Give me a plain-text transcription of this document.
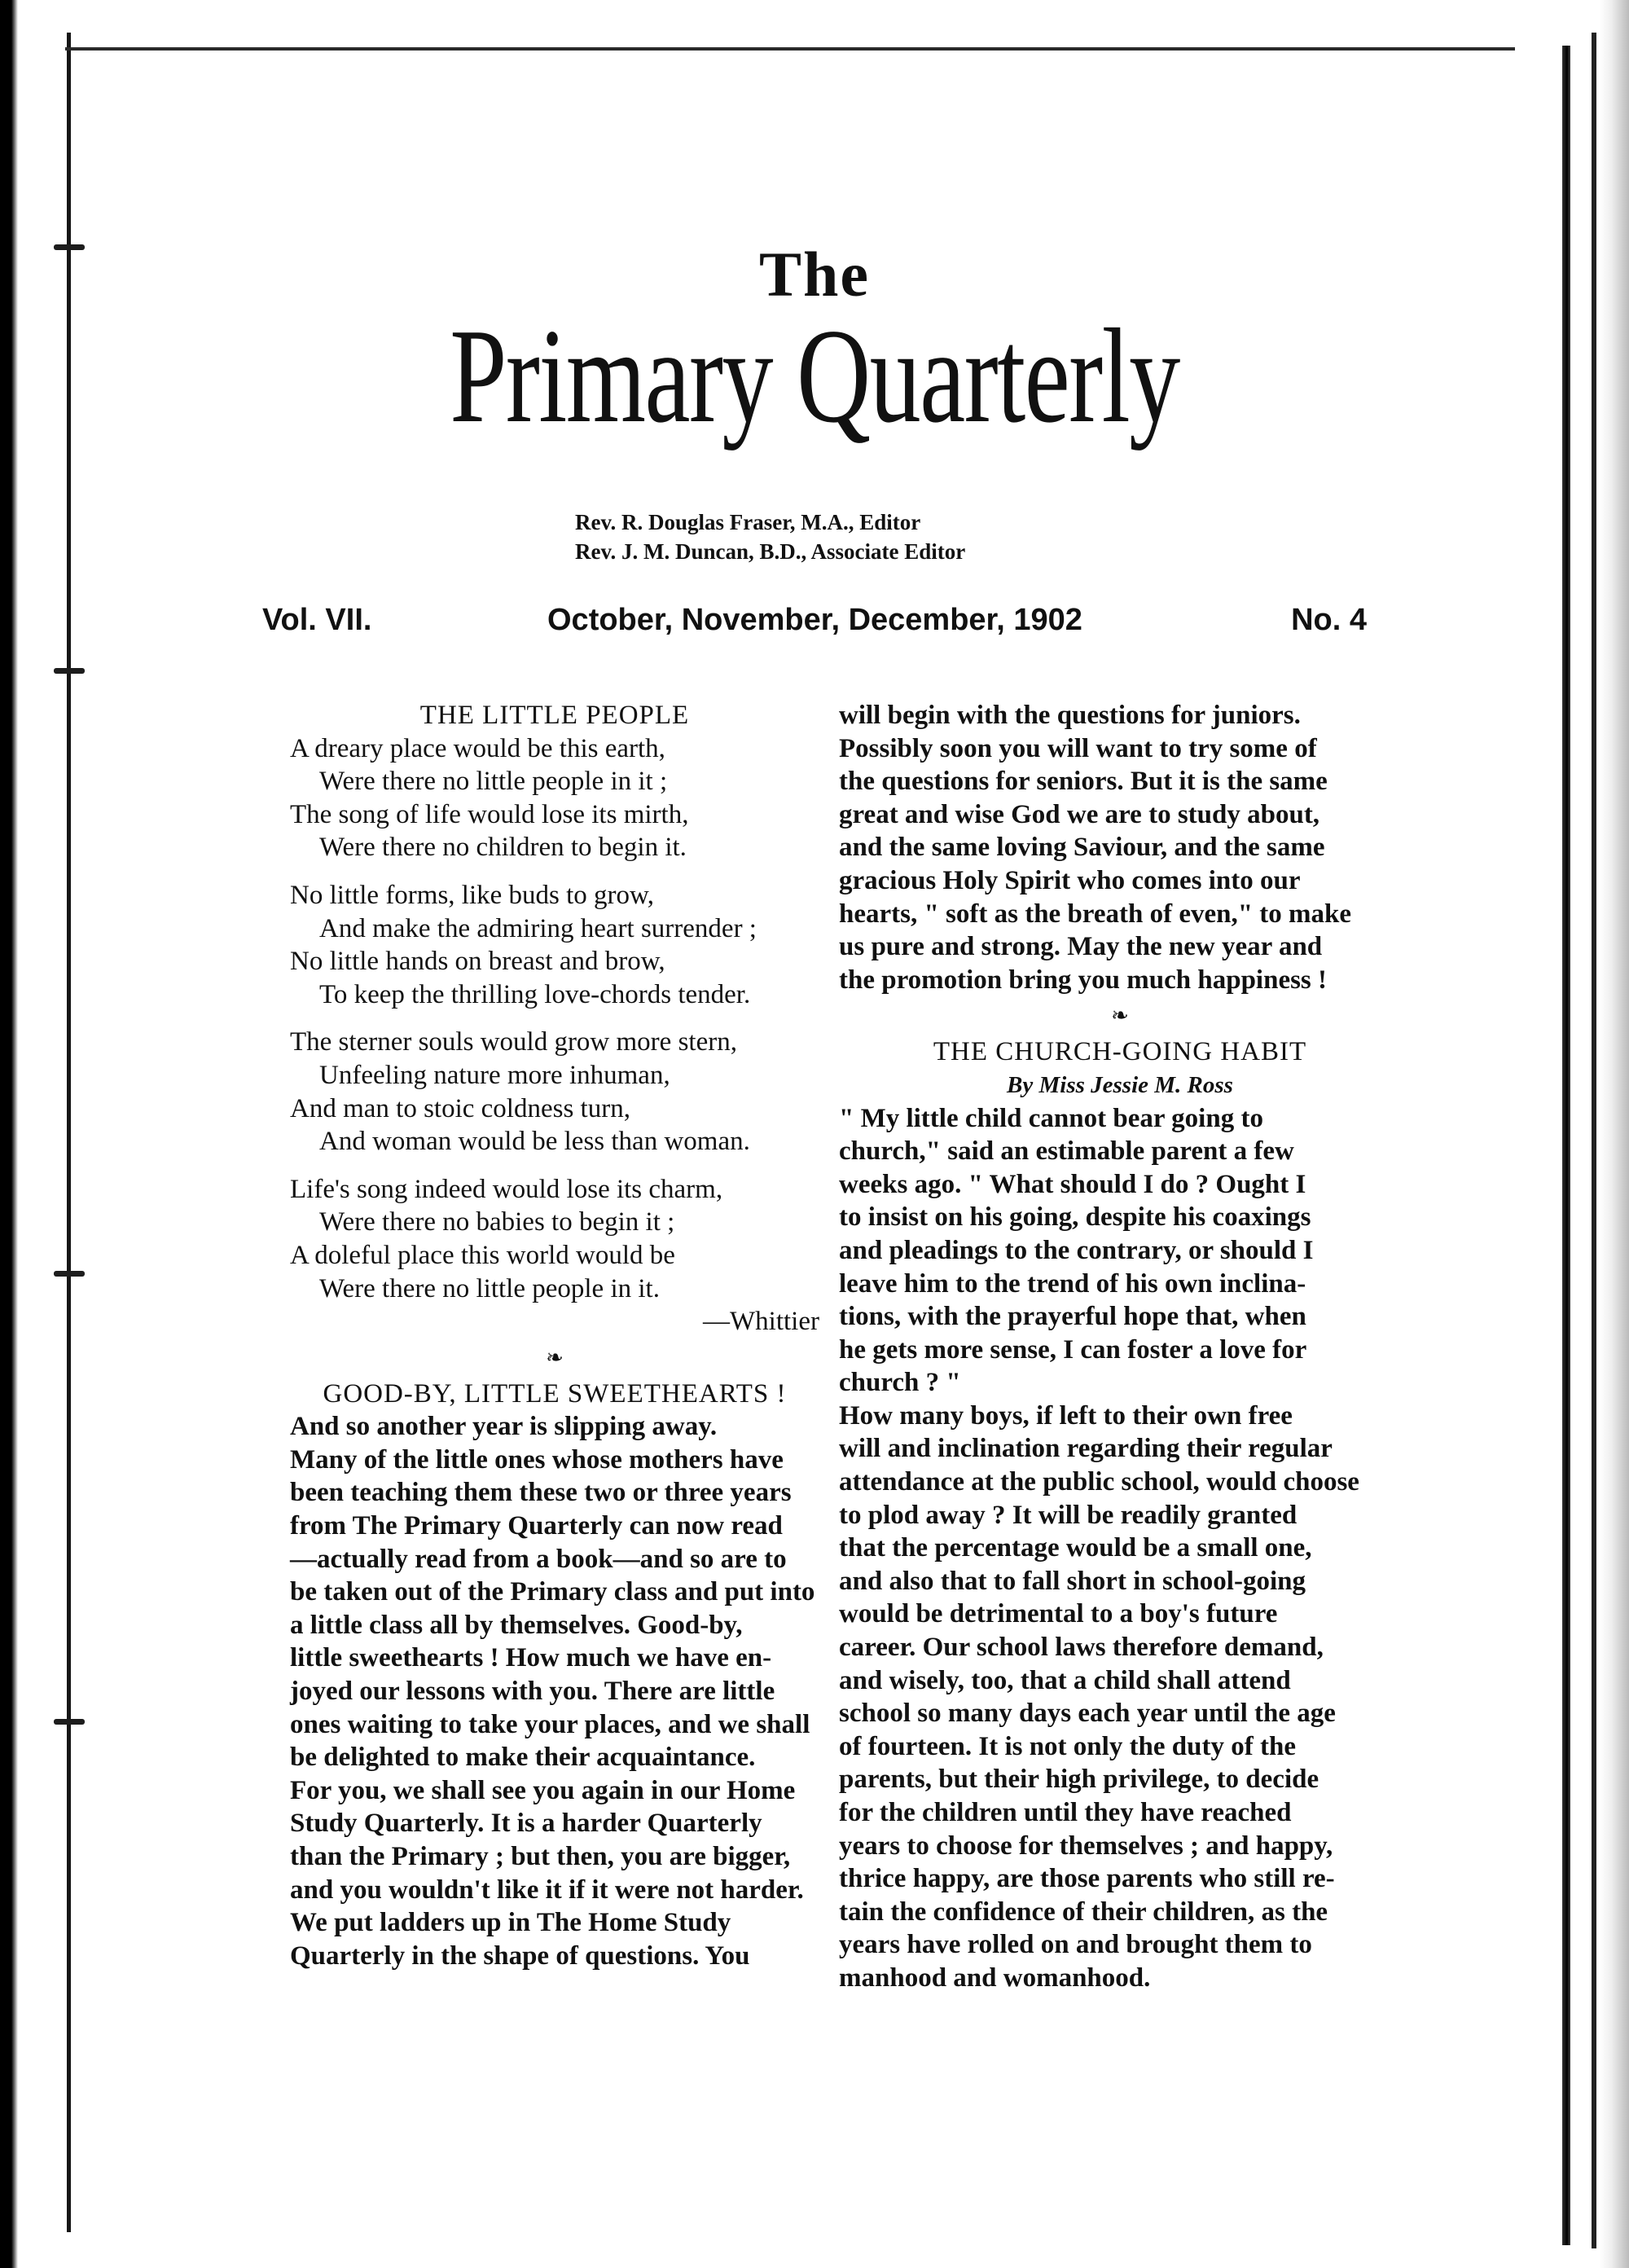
The
Primary Quarterly
Rev. R. Douglas Fraser, M.A., Editor
Rev. J. M. Duncan, B.D., Associate Editor
Vol. VII.	October, November, December, 1902	No. 4

THE LITTLE PEOPLE

A dreary place would be this earth,

Were there no little people in it ;

The song of life would lose its mirth,

Were there no children to begin it.

No little forms, like buds to grow,

And make the admiring heart surrender ;

No little hands on breast and brow,

To keep the thrilling love-chords tender.

The sterner souls would grow more stern,

Unfeeling nature more inhuman,

And man to stoic coldness turn,

And woman would be less than woman.

Life's song indeed would lose its charm,

Were there no babies to begin it ;

A doleful place this world would be

Were there no little people in it.

—Whittier

❧

GOOD-BY, LITTLE SWEETHEARTS !

And so another year is slipping away.

Many of the little ones whose mothers have

been teaching them these two or three years

from The Primary Quarterly can now read

—actually read from a book—and so are to

be taken out of the Primary class and put into

a little class all by themselves. Good-by,

little sweethearts ! How much we have en-

joyed our lessons with you. There are little

ones waiting to take your places, and we shall

be delighted to make their acquaintance.

For you, we shall see you again in our Home

Study Quarterly. It is a harder Quarterly

than the Primary ; but then, you are bigger,

and you wouldn't like it if it were not harder.

We put ladders up in The Home Study

Quarterly in the shape of questions. You

will begin with the questions for juniors.

Possibly soon you will want to try some of

the questions for seniors. But it is the same

great and wise God we are to study about,

and the same loving Saviour, and the same

gracious Holy Spirit who comes into our

hearts, " soft as the breath of even," to make

us pure and strong. May the new year and

the promotion bring you much happiness !

❧

THE CHURCH-GOING HABIT

By Miss Jessie M. Ross

" My little child cannot bear going to

church," said an estimable parent a few

weeks ago. " What should I do ? Ought I

to insist on his going, despite his coaxings

and pleadings to the contrary, or should I

leave him to the trend of his own inclina-

tions, with the prayerful hope that, when

he gets more sense, I can foster a love for

church ? "

How many boys, if left to their own free

will and inclination regarding their regular

attendance at the public school, would choose

to plod away ? It will be readily granted

that the percentage would be a small one,

and also that to fall short in school-going

would be detrimental to a boy's future

career. Our school laws therefore demand,

and wisely, too, that a child shall attend

school so many days each year until the age

of fourteen. It is not only the duty of the

parents, but their high privilege, to decide

for the children until they have reached

years to choose for themselves ; and happy,

thrice happy, are those parents who still re-

tain the confidence of their children, as the

years have rolled on and brought them to

manhood and womanhood.
